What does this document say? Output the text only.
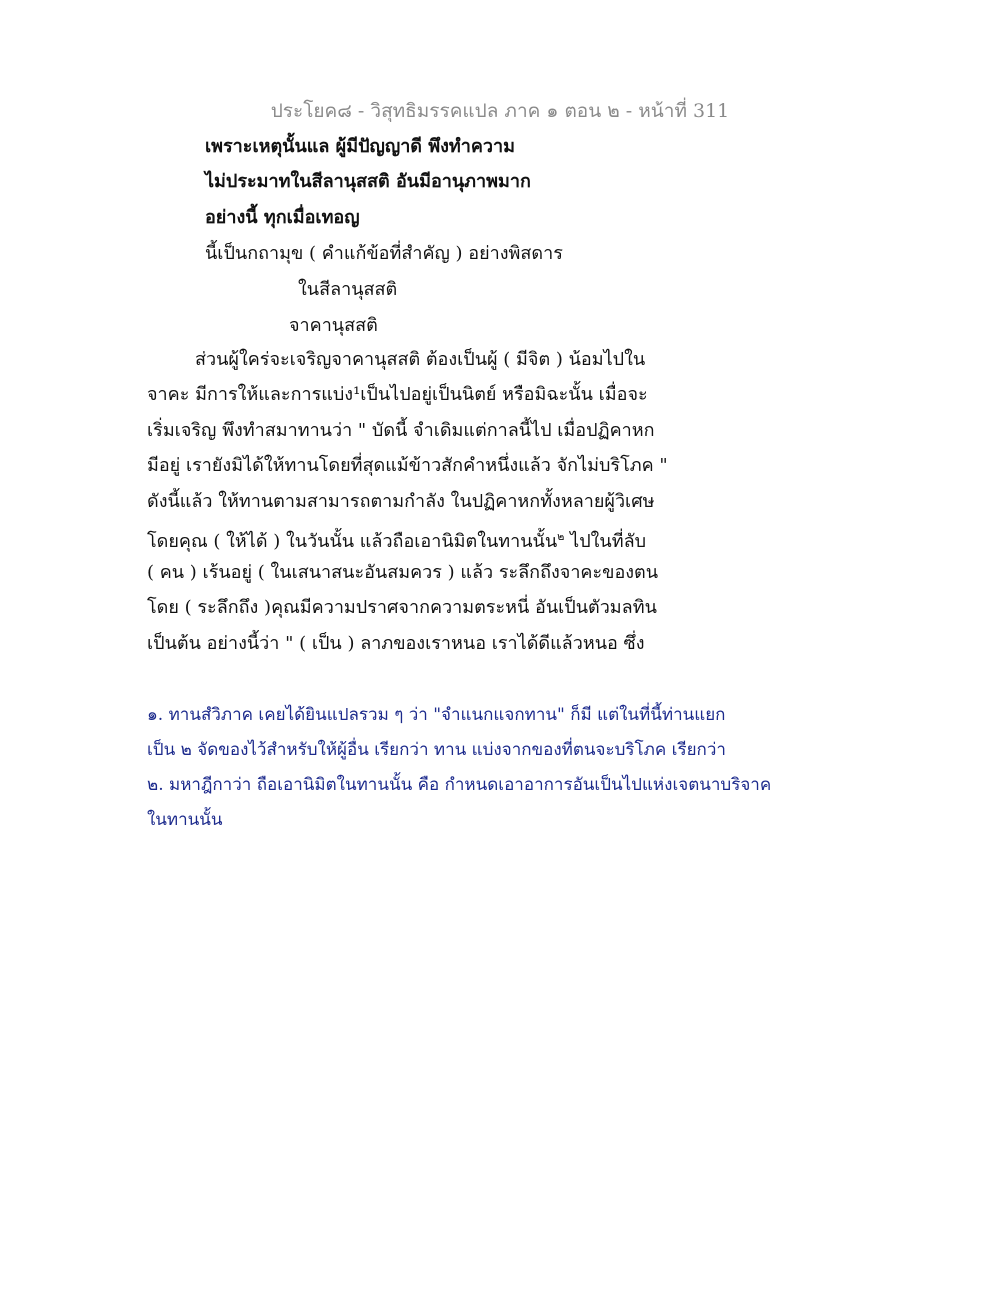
ประโยค๘ - วิสุทธิมรรคแปล ภาค ๑ ตอน ๒ - หน้าที่ 311
เพราะเหตุนั้นแล ผู้มีปัญญาดี พึงทำความ
ไม่ประมาทในสีลานุสสติ อันมีอานุภาพมาก
อย่างนี้ ทุกเมื่อเทอญ
นี้เป็นกถามุข ( คำแก้ข้อที่สำคัญ ) อย่างพิสดาร
ในสีลานุสสติ
จาคานุสสติ
ส่วนผู้ใคร่จะเจริญจาคานุสสติ ต้องเป็นผู้ ( มีจิต ) น้อมไปใน
จาคะ มีการให้และการแบ่ง¹เป็นไปอยู่เป็นนิตย์ หรือมิฉะนั้น เมื่อจะ
เริ่มเจริญ พึงทำสมาทานว่า " บัดนี้ จำเดิมแต่กาลนี้ไป เมื่อปฏิคาหก
มีอยู่ เรายังมิได้ให้ทานโดยที่สุดแม้ข้าวสักคำหนึ่งแล้ว จักไม่บริโภค "
ดังนี้แล้ว ให้ทานตามสามารถตามกำลัง ในปฏิคาหกทั้งหลายผู้วิเศษ
โดยคุณ ( ให้ได้ ) ในวันนั้น แล้วถือเอานิมิตในทานนั้น$^๒$ ไปในที่ลับ
( คน ) เร้นอยู่ ( ในเสนาสนะอันสมควร ) แล้ว ระลึกถึงจาคะของตน
โดย ( ระลึกถึง )คุณมีความปราศจากความตระหนี่ อันเป็นตัวมลทิน
เป็นต้น อย่างนี้ว่า " ( เป็น ) ลาภของเราหนอ เราได้ดีแล้วหนอ ซึ่ง
๑. ทานสํวิภาค เคยได้ยินแปลรวม ๆ ว่า "จำแนกแจกทาน" ก็มี แต่ในที่นี้ท่านแยก
เป็น ๒ จัดของไว้สำหรับให้ผู้อื่น เรียกว่า ทาน แบ่งจากของที่ตนจะบริโภค เรียกว่า
๒. มหาฎีกาว่า ถือเอานิมิตในทานนั้น คือ กำหนดเอาอาการอันเป็นไปแห่งเจตนาบริจาค
ในทานนั้น
